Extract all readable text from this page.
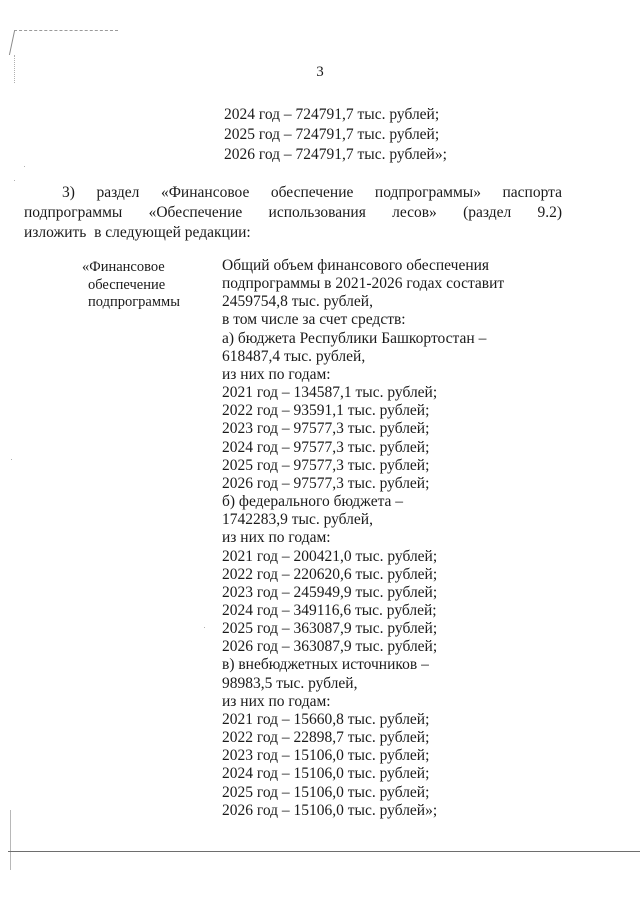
3
2024 год – 724791,7 тыс. рублей;
2025 год – 724791,7 тыс. рублей;
2026 год – 724791,7 тыс. рублей»;
3) раздел «Финансовое обеспечение подпрограммы» паспорта
подпрограммы «Обеспечение использования лесов» (раздел 9.2)
изложить  в следующей редакции:
«Финансовое
обеспечение
подпрограммы
Общий объем финансового обеспечения
подпрограммы в 2021-2026 годах составит
2459754,8 тыс. рублей,
в том числе за счет средств:
а) бюджета Республики Башкортостан –
618487,4 тыс. рублей,
из них по годам:
2021 год – 134587,1 тыс. рублей;
2022 год – 93591,1 тыс. рублей;
2023 год – 97577,3 тыс. рублей;
2024 год – 97577,3 тыс. рублей;
2025 год – 97577,3 тыс. рублей;
2026 год – 97577,3 тыс. рублей;
б) федерального бюджета –
1742283,9 тыс. рублей,
из них по годам:
2021 год – 200421,0 тыс. рублей;
2022 год – 220620,6 тыс. рублей;
2023 год – 245949,9 тыс. рублей;
2024 год – 349116,6 тыс. рублей;
2025 год – 363087,9 тыс. рублей;
2026 год – 363087,9 тыс. рублей;
в) внебюджетных источников –
98983,5 тыс. рублей,
из них по годам:
2021 год – 15660,8 тыс. рублей;
2022 год – 22898,7 тыс. рублей;
2023 год – 15106,0 тыс. рублей;
2024 год – 15106,0 тыс. рублей;
2025 год – 15106,0 тыс. рублей;
2026 год – 15106,0 тыс. рублей»;
